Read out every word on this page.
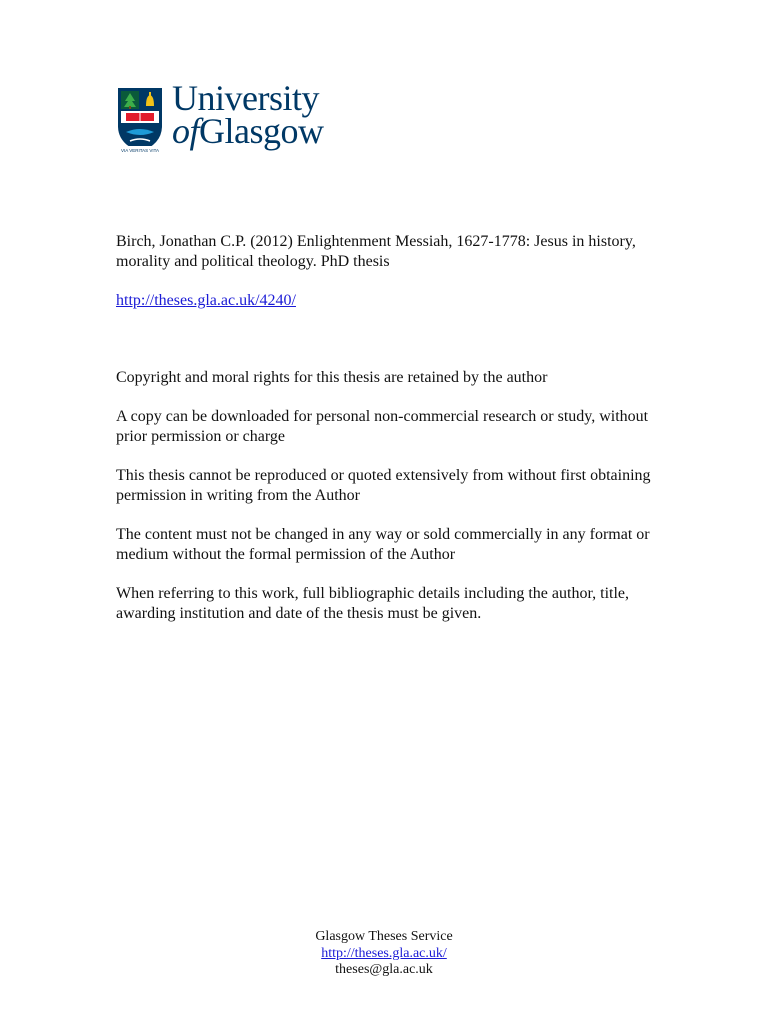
VIA VERITAS VITA
University
ofGlasgow

Birch, Jonathan C.P. (2012) Enlightenment Messiah, 1627-1778: Jesus in history, morality and political theology. PhD thesis

http://theses.gla.ac.uk/4240/

Copyright and moral rights for this thesis are retained by the author

A copy can be downloaded for personal non-commercial research or study, without prior permission or charge

This thesis cannot be reproduced or quoted extensively from without first obtaining permission in writing from the Author

The content must not be changed in any way or sold commercially in any format or medium without the formal permission of the Author

When referring to this work, full bibliographic details including the author, title, awarding institution and date of the thesis must be given.

Glasgow Theses Service
http://theses.gla.ac.uk/
theses@gla.ac.uk
